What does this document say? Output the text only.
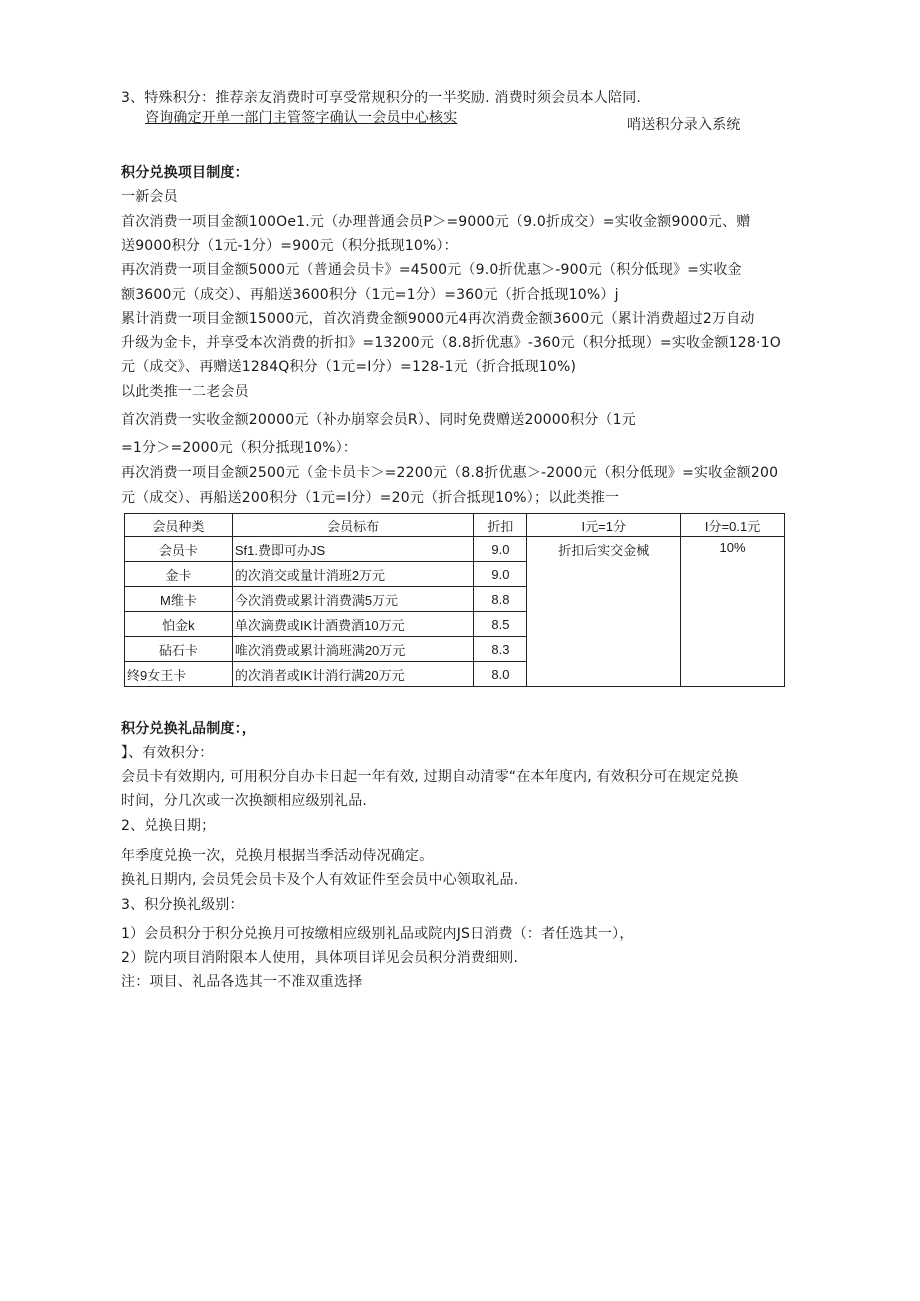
3、特殊积分：推荐亲友消费时可享受常规积分的一半奖励. 消费时须会员本人陪同.
咨询确定开单一部门主管签字确认一会员中心核实	哨送积分录入系统
积分兑换项目制度：
一新会员
首次消费一项目金额100Oe1.元（办理普通会员P＞=9000元（9.0折成交）=实收金额9000元、赠
送9000积分（1元-1分）=900元（积分抵现10%）：
再次消费一项目金额5000元（普通会员卡》=4500元（9.0折优惠＞-900元（积分低现》=实收金
额3600元（成交）、再船送3600积分（1元=1分）=360元（折合抵现10%）j
累计消费一项目金额15000元，首次消费金额9000元4再次消费金额3600元（累计消费超过2万自动
升级为金卡，并享受本次消费的折扣》=13200元（8.8折优惠》-360元（积分抵现）=实收金额128·1O
元（成交》、再赠送1284Q积分（1元=I分）=128-1元（折合抵现10%)
以此类推一二老会员
首次消费一实收金额20000元（补办崩窣会员R）、同时免费赠送20000积分（1元
=1分＞=2000元（积分抵现10%）：
再次消费一项目金额2500元（金卡员卡＞=2200元（8.8折优惠＞-2000元（积分低现》=实收金额200
元（成交）、再船送200积分（1元=I分）=20元（折合抵现10%）；以此类推一
会员种类	会员标布	折扣	I元=1分	I分=0.1元
会员卡	Sf1.费即可办JS	9.0	折扣后实交金械	10%
金卡	的次消交或量计消班2万元	9.0		
M维卡	今次消费或累计消费满5万元	8.8		
怕金k	单次滴费或IK计酒费酒10万元	8.5		
砧石卡	唯次消费或累计淌班满20万元	8.3		
终9女王卡	的次消者或IK计消行满20万元	8.0		
积分兑换礼品制度：，
】、有效积分：
会员卡有效期内, 可用积分自办卡日起一年有效, 过期自动清零“在本年度内, 有效积分可在规定兑换
时间，分几次或一次换额相应级别礼品.
2、兑换日期；
年季度兑换一次，兑换月根据当季活动侍况确定。
换礼日期内, 会员凭会员卡及个人有效证件至会员中心领取礼品.
3、积分换礼级别：
1）会员积分于积分兑换月可按缴相应级别礼品或院内JS日消费（：者任选其一），
2）院内项目消附限本人使用，具体项目详见会员积分消费细则.
注：项目、礼品各选其一不准双重选择
